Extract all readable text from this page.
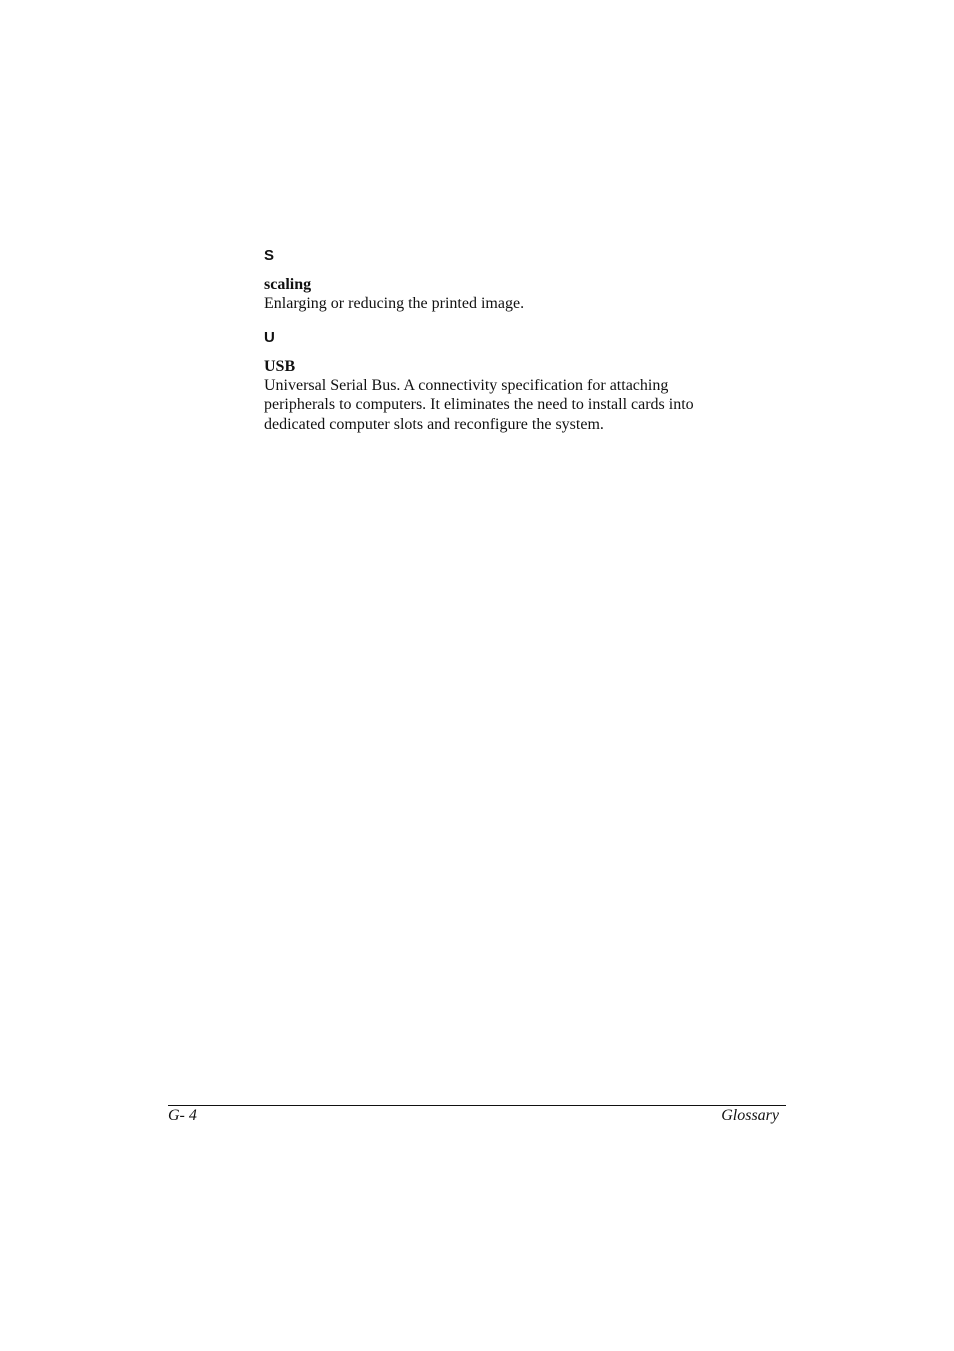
S

scaling

Enlarging or reducing the printed image.

U

USB

Universal Serial Bus. A connectivity specification for attaching
peripherals to computers. It eliminates the need to install cards into
dedicated computer slots and reconfigure the system.
G- 4	Glossary
